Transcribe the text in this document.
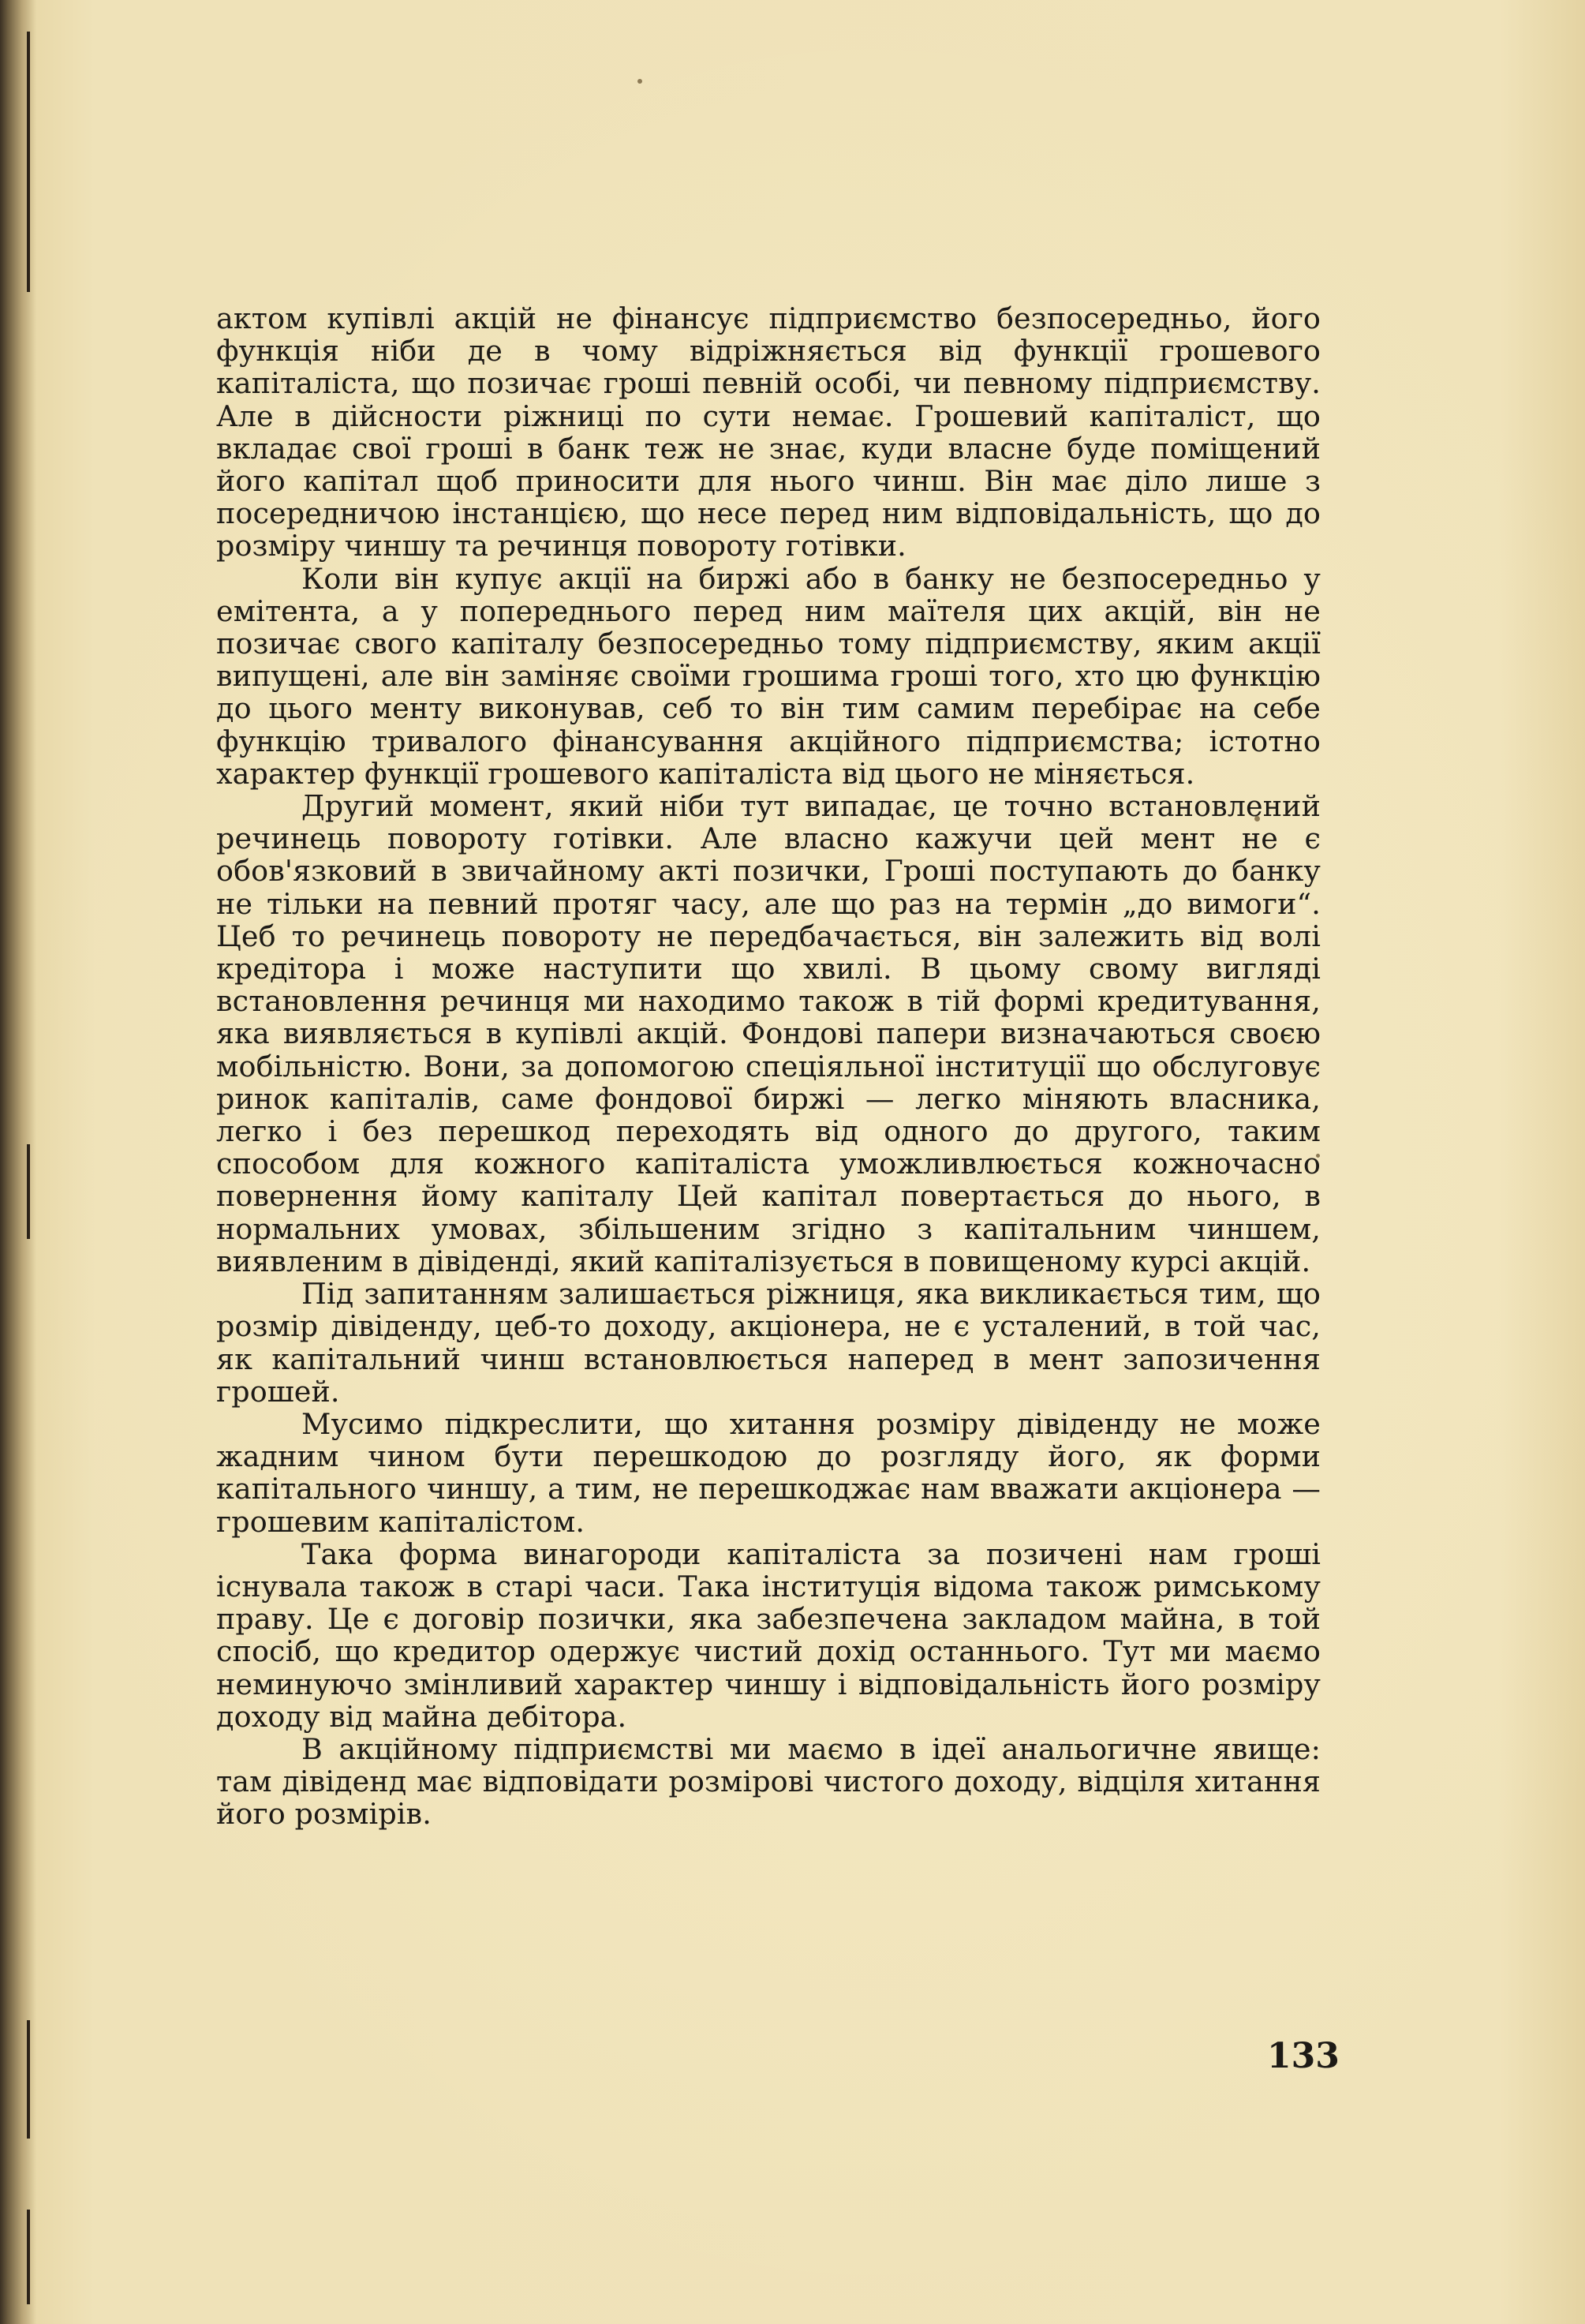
актом купівлі акцій не фінансує підприємство безпосередньо, його функція ніби де в чому відріжняється від функції грошевого капіталіста, що позичає гроші певній особі, чи певному підприємству. Але в дійсности ріжниці по сути немає. Грошевий капіталіст, що вкладає свої гроші в банк теж не знає, куди власне буде поміщений його капітал щоб приносити для нього чинш. Він має діло лише з посередничою інстанцією, що несе перед ним відповідальність, що до розміру чиншу та речинця повороту готівки.

Коли він купує акції на биржі або в банку не безпосередньо у емітента, а у попереднього перед ним маїтеля цих акцій, він не позичає свого капіталу безпосередньо тому підприємству, яким акції випущені, але він заміняє своїми грошима гроші того, хто цю функцію до цього менту виконував, себ то він тим самим перебірає на себе функцію тривалого фінансування акційного підприємства; істотно характер функції грошевого капіталіста від цього не міняється.

Другий момент, який ніби тут випадає, це точно встановлений речинець повороту готівки. Але власно кажучи цей мент не є обов'язковий в звичайному акті позички, Гроші поступають до банку не тільки на певний протяг часу, але що раз на термін „до вимоги“. Цеб то речинець повороту не передбачається, він залежить від волі кредітора і може наступити що хвилі. В цьому свому вигляді встановлення речинця ми находимо також в тій формі кредитування, яка виявляється в купівлі акцій. Фондові папери визначаються своєю мобільністю. Вони, за допомогою спеціяльної інституції що обслуговує ринок капіталів, саме фондової биржі — легко міняють власника, легко і без перешкод переходять від одного до другого, таким способом для кожного капіталіста уможливлюється кожночасно повернення йому капіталу Цей капітал повертається до нього, в нормальних умовах, збільшеним згідно з капітальним чиншем, виявленим в дівіденді, який капіталізується в повищеному курсі акцій.

Під запитанням залишається ріжниця, яка викликається тим, що розмір дівіденду, цеб-то доходу, акціонера, не є усталений, в той час, як капітальний чинш встановлюється наперед в мент запозичення грошей.

Мусимо підкреслити, що хитання розміру дівіденду не може жадним чином бути перешкодою до розгляду його, як форми капітального чиншу, а тим, не перешкоджає нам вважати акціонера — грошевим капіталістом.

Така форма винагороди капіталіста за позичені нам гроші існувала також в старі часи. Така інституція відома також римському праву. Це є договір позички, яка забезпечена закладом майна, в той спосіб, що кредитор одержує чистий дохід останнього. Тут ми маємо неминуючо змінливий характер чиншу і відповідальність його розміру доходу від майна дебітора.

В акційному підприємстві ми маємо в ідеї анальогичне явище: там дівіденд має відповідати розмірові чистого доходу, відціля хитання його розмірів.

133
